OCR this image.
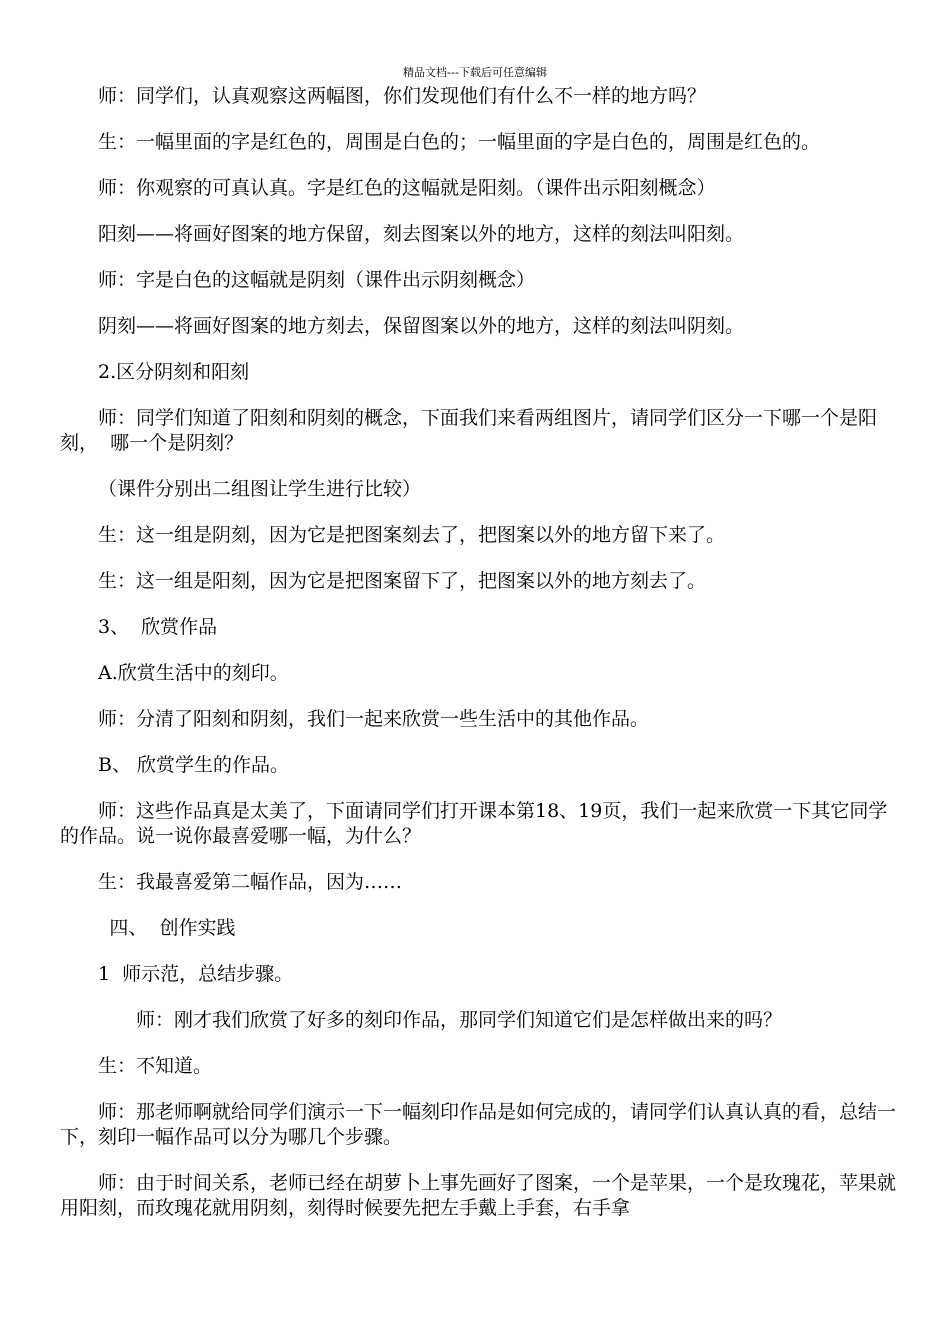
精品文档---下载后可任意编辑

师：同学们，认真观察这两幅图，你们发现他们有什么不一样的地方吗？

生：一幅里面的字是红色的，周围是白色的；一幅里面的字是白色的，周围是红色的。

师：你观察的可真认真。字是红色的这幅就是阳刻。（课件出示阳刻概念）

阳刻——将画好图案的地方保留，刻去图案以外的地方，这样的刻法叫阳刻。

师：字是白色的这幅就是阴刻（课件出示阴刻概念）

阴刻——将画好图案的地方刻去，保留图案以外的地方，这样的刻法叫阴刻。

2.区分阴刻和阳刻

师：同学们知道了阳刻和阴刻的概念，下面我们来看两组图片，请同学们区分一下哪一个是阳刻，  哪一个是阴刻？

（课件分别出二组图让学生进行比较）

生：这一组是阴刻，因为它是把图案刻去了，把图案以外的地方留下来了。

生：这一组是阳刻，因为它是把图案留下了，把图案以外的地方刻去了。

3、  欣赏作品

A.欣赏生活中的刻印。

师：分清了阳刻和阴刻，我们一起来欣赏一些生活中的其他作品。

B、 欣赏学生的作品。

师：这些作品真是太美了，下面请同学们打开课本第18、19页，我们一起来欣赏一下其它同学的作品。说一说你最喜爱哪一幅，为什么？

生：我最喜爱第二幅作品，因为……

四、  创作实践

1  师示范，总结步骤。

师：刚才我们欣赏了好多的刻印作品，那同学们知道它们是怎样做出来的吗？

生：不知道。

师：那老师啊就给同学们演示一下一幅刻印作品是如何完成的，请同学们认真认真的看，总结一下，刻印一幅作品可以分为哪几个步骤。

师：由于时间关系，老师已经在胡萝卜上事先画好了图案，一个是苹果，一个是玫瑰花，苹果就用阳刻，而玫瑰花就用阴刻，刻得时候要先把左手戴上手套，右手拿
